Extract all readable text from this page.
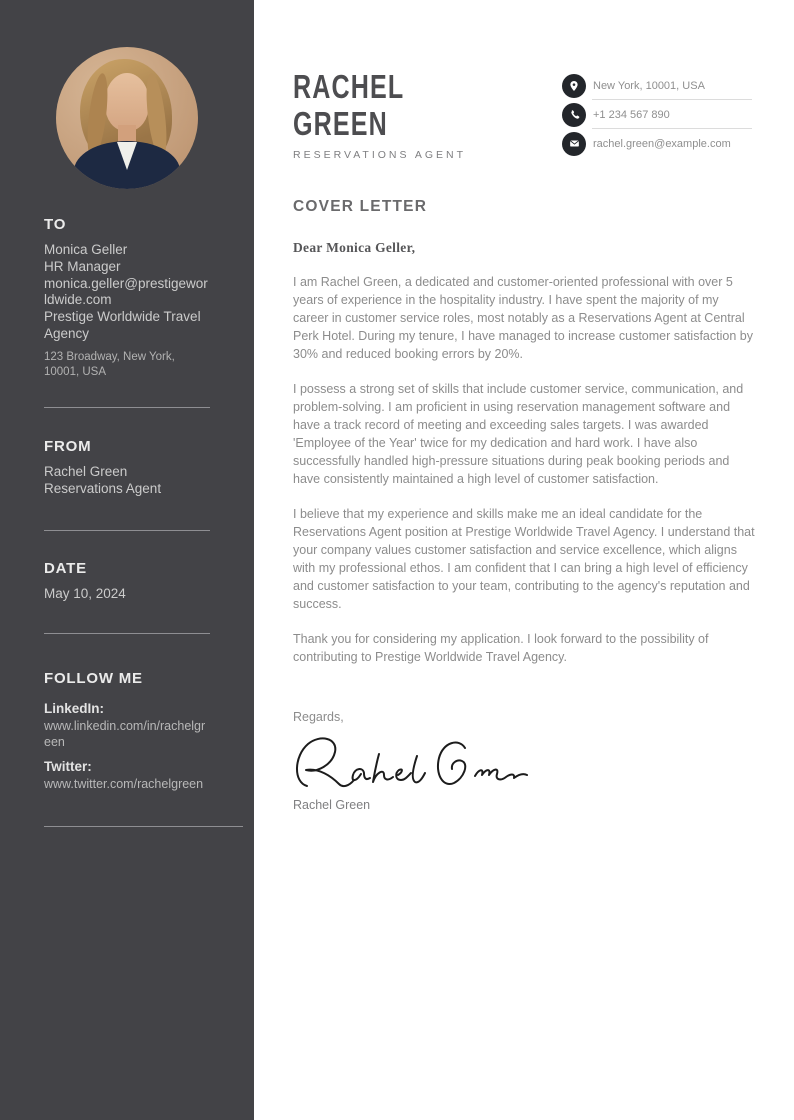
TO
Monica Geller
HR Manager
monica.geller@prestigeworldwide.com
Prestige Worldwide Travel Agency
123 Broadway, New York, 10001, USA
FROM
Rachel Green
Reservations Agent
DATE
May 10, 2024
FOLLOW ME
LinkedIn:
www.linkedin.com/in/rachelgreen
Twitter:
www.twitter.com/rachelgreen
RACHEL
GREEN
RESERVATIONS AGENT
New York, 10001, USA
+1 234 567 890
rachel.green@example.com
COVER LETTER

Dear Monica Geller,

I am Rachel Green, a dedicated and customer-oriented professional with over 5 years of experience in the hospitality industry. I have spent the majority of my career in customer service roles, most notably as a Reservations Agent at Central Perk Hotel. During my tenure, I have managed to increase customer satisfaction by 30% and reduced booking errors by 20%.

I possess a strong set of skills that include customer service, communication, and problem-solving. I am proficient in using reservation management software and have a track record of meeting and exceeding sales targets. I was awarded 'Employee of the Year' twice for my dedication and hard work. I have also successfully handled high-pressure situations during peak booking periods and have consistently maintained a high level of customer satisfaction.

I believe that my experience and skills make me an ideal candidate for the Reservations Agent position at Prestige Worldwide Travel Agency. I understand that your company values customer satisfaction and service excellence, which aligns with my professional ethos. I am confident that I can bring a high level of efficiency and customer satisfaction to your team, contributing to the agency's reputation and success.

Thank you for considering my application. I look forward to the possibility of contributing to Prestige Worldwide Travel Agency.

Regards,
Rachel Green
